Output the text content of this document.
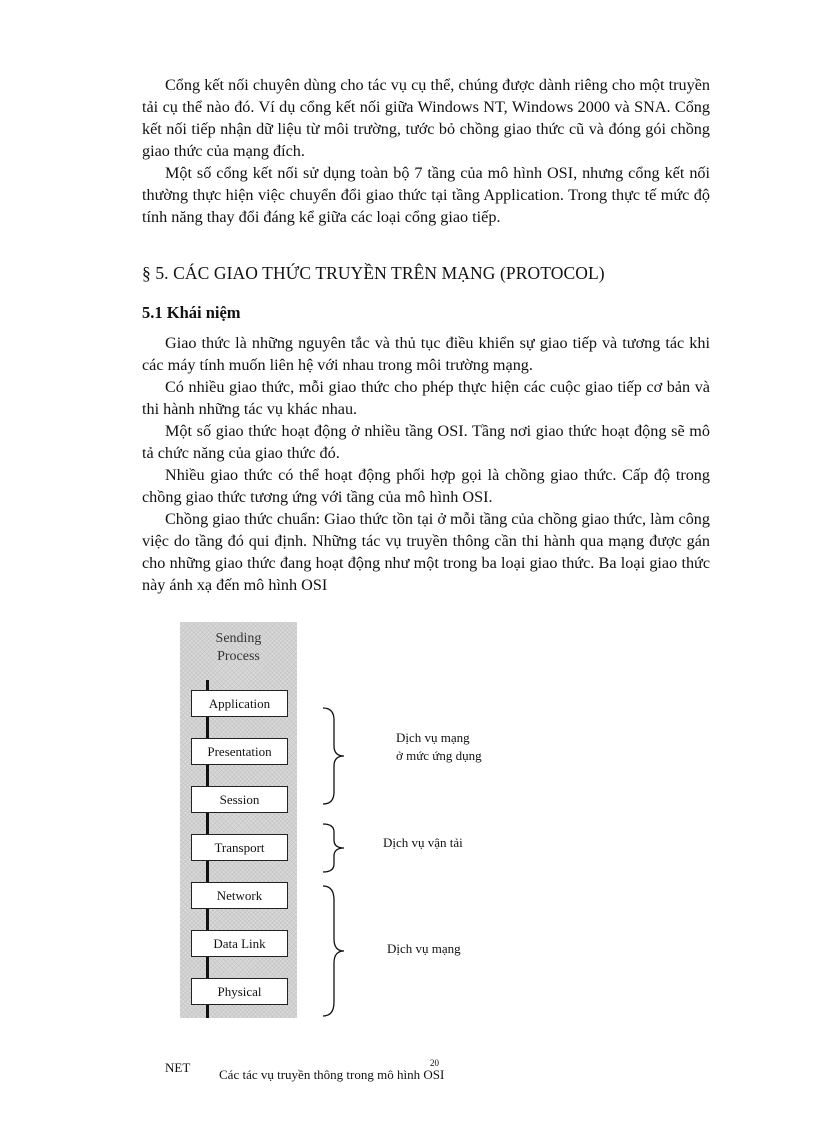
Cổng kết nối chuyên dùng cho tác vụ cụ thể, chúng được dành riêng cho một truyền tải cụ thể nào đó. Ví dụ cổng kết nối giữa Windows NT, Windows 2000 và SNA. Cổng kết nối tiếp nhận dữ liệu từ môi trường, tước bỏ chồng giao thức cũ và đóng gói chồng giao thức của mạng đích.

Một số cổng kết nối sử dụng toàn bộ 7 tầng của mô hình OSI, nhưng cổng kết nối thường thực hiện việc chuyển đổi giao thức tại tầng Application. Trong thực tế mức độ tính năng thay đổi đáng kể giữa các loại cổng giao tiếp.

§ 5. CÁC GIAO THỨC TRUYỀN TRÊN MẠNG (PROTOCOL)
5.1 Khái niệm

Giao thức là những nguyên tắc và thủ tục điều khiển sự giao tiếp và tương tác khi các máy tính muốn liên hệ với nhau trong môi trường mạng.

Có nhiều giao thức, mỗi giao thức cho phép thực hiện các cuộc giao tiếp cơ bản và thi hành những tác vụ khác nhau.

Một số giao thức hoạt động ở nhiều tầng OSI. Tầng nơi giao thức hoạt động sẽ mô tả chức năng của giao thức đó.

Nhiều giao thức có thể hoạt động phối hợp gọi là chồng giao thức. Cấp độ trong chồng giao thức tương ứng với tầng của mô hình OSI.

Chồng giao thức chuẩn: Giao thức tồn tại ở mỗi tầng của chồng giao thức, làm công việc do tầng đó qui định. Những tác vụ truyền thông cần thi hành qua mạng được gán cho những giao thức đang hoạt động như một trong ba loại giao thức. Ba loại giao thức này ánh xạ đến mô hình OSI

Sending
Process
Application
Presentation
Session
Transport
Network
Data Link
Physical
Dịch vụ mạng
ở mức ứng dụng
Dịch vụ vận tải
Dịch vụ mạng
NET	20
Các tác vụ truyền thông trong mô hình OSI
